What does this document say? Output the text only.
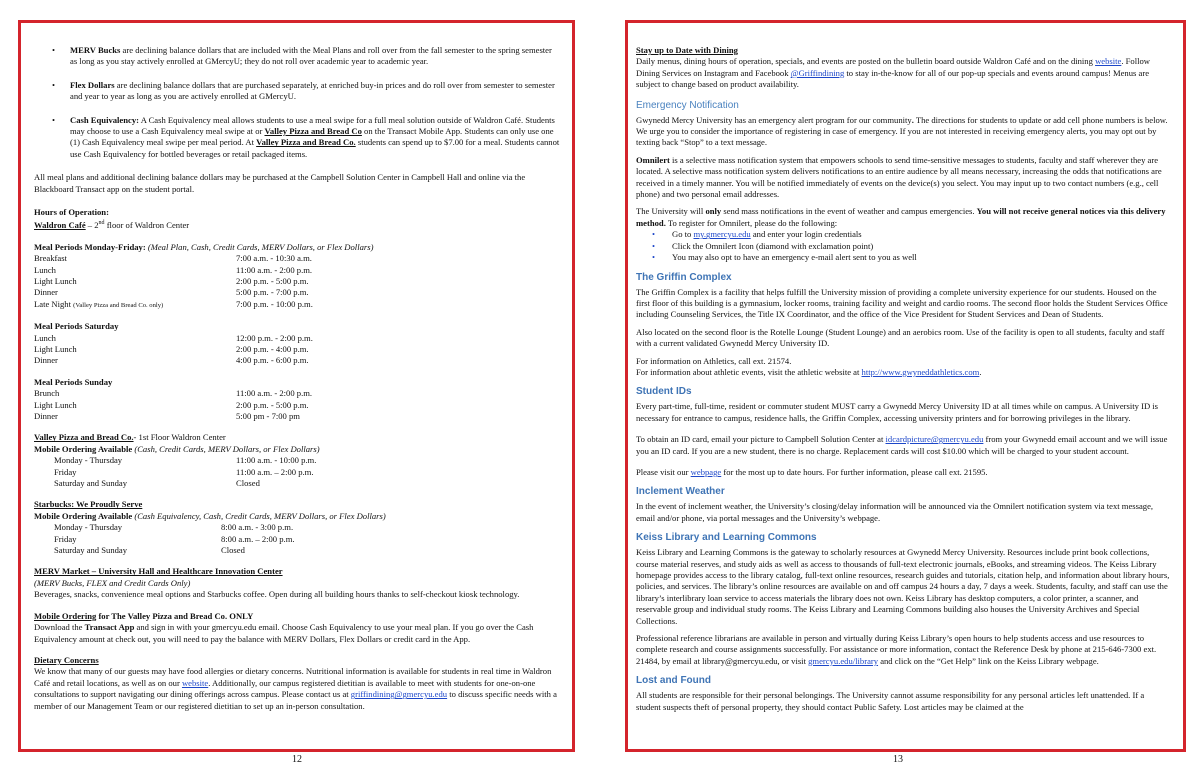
• MERV Bucks are declining balance dollars that are included with the Meal Plans and roll over from the fall semester to the spring semester as long as you stay actively enrolled at GMercyU; they do not roll over academic year to academic year.
• Flex Dollars are declining balance dollars that are purchased separately, at enriched buy-in prices and do roll over from semester to semester and year to year as long as you are actively enrolled at GMercyU.
• Cash Equivalency: A Cash Equivalency meal allows students to use a meal swipe for a full meal solution outside of Waldron Café. Students may choose to use a Cash Equivalency meal swipe at or Valley Pizza and Bread Co on the Transact Mobile App. Students can only use one (1) Cash Equivalency meal swipe per meal period. At Valley Pizza and Bread Co. students can spend up to $7.00 for a meal. Students cannot use Cash Equivalency for bottled beverages or retail packaged items.

All meal plans and additional declining balance dollars may be purchased at the Campbell Solution Center in Campbell Hall and online via the Blackboard Transact app on the student portal.

Hours of Operation:

Waldron Café – 2nd floor of Waldron Center

Meal Periods Monday-Friday: (Meal Plan, Cash, Credit Cards, MERV Dollars, or Flex Dollars)

Breakfast	7:00 a.m. - 10:30 a.m.
Lunch	11:00 a.m. - 2:00 p.m.
Light Lunch	2:00 p.m. - 5:00 p.m.
Dinner	5:00 p.m. - 7:00 p.m.
Late Night (Valley Pizza and Bread Co. only)	7:00 p.m. - 10:00 p.m.

Meal Periods Saturday

Lunch	12:00 p.m. - 2:00 p.m.
Light Lunch	2:00 p.m. - 4:00 p.m.
Dinner	4:00 p.m. - 6:00 p.m.

Meal Periods Sunday

Brunch	11:00 a.m. - 2:00 p.m.
Light Lunch	2:00 p.m. - 5:00 p.m.
Dinner	5:00 pm - 7:00 pm

Valley Pizza and Bread Co.- 1st Floor Waldron Center

Mobile Ordering Available (Cash, Credit Cards, MERV Dollars, or Flex Dollars)

Monday - Thursday	11:00 a.m. - 10:00 p.m.
Friday	11:00 a.m. – 2:00 p.m.
Saturday and Sunday	Closed

Starbucks: We Proudly Serve

Mobile Ordering Available (Cash Equivalency, Cash, Credit Cards, MERV Dollars, or Flex Dollars)

Monday - Thursday	8:00 a.m. - 3:00 p.m.
Friday	8:00 a.m. – 2:00 p.m.
Saturday and Sunday	Closed

MERV Market – University Hall and Healthcare Innovation Center

(MERV Bucks, FLEX and Credit Cards Only)

Beverages, snacks, convenience meal options and Starbucks coffee. Open during all building hours thanks to self-checkout kiosk technology.

Mobile Ordering for The Valley Pizza and Bread Co. ONLY

Download the Transact App and sign in with your gmercyu.edu email. Choose Cash Equivalency to use your meal plan. If you go over the Cash Equivalency amount at check out, you will need to pay the balance with MERV Dollars, Flex Dollars or credit card in the App.

Dietary Concerns

We know that many of our guests may have food allergies or dietary concerns. Nutritional information is available for students in real time in Waldron Café and retail locations, as well as on our website. Additionally, our campus registered dietitian is available to meet with students for one-on-one consultations to support navigating our dining offerings across campus. Please contact us at griffindining@gmercyu.edu to discuss specific needs with a member of our Management Team or our registered dietitian to set up an in-person consultation.

Stay up to Date with Dining

Daily menus, dining hours of operation, specials, and events are posted on the bulletin board outside Waldron Café and on the dining website. Follow Dining Services on Instagram and Facebook @Griffindining to stay in-the-know for all of our pop-up specials and events around campus! Menus are subject to change based on product availability.

Emergency Notification

Gwynedd Mercy University has an emergency alert program for our community. The directions for students to update or add cell phone numbers is below. We urge you to consider the importance of registering in case of emergency. If you are not interested in receiving emergency alerts, you may opt out by texting back “Stop” to a text message.

Omnilert is a selective mass notification system that empowers schools to send time-sensitive messages to students, faculty and staff wherever they are located. A selective mass notification system delivers notifications to an entire audience by all means necessary, increasing the odds that notifications are received in a timely manner. You will be notified immediately of events on the device(s) you select. You may input up to two contact numbers (e.g., cell phone) and two personal email addresses.

The University will only send mass notifications in the event of weather and campus emergencies. You will not receive general notices via this delivery method. To register for Omnilert, please do the following:

• Go to my.gmercyu.edu and enter your login credentials
• Click the Omnilert Icon (diamond with exclamation point)
• You may also opt to have an emergency e-mail alert sent to you as well
The Griffin Complex

The Griffin Complex is a facility that helps fulfill the University mission of providing a complete university experience for our students. Housed on the first floor of this building is a gymnasium, locker rooms, training facility and weight and cardio rooms. The second floor holds the Student Services Office including Counseling Services, the Title IX Coordinator, and the office of the Vice President for Student Services and Dean of Students.

Also located on the second floor is the Rotelle Lounge (Student Lounge) and an aerobics room. Use of the facility is open to all students, faculty and staff with a current validated Gwynedd Mercy University ID.

For information on Athletics, call ext. 21574.

For information about athletic events, visit the athletic website at http://www.gwyneddathletics.com.

Student IDs

Every part-time, full-time, resident or commuter student MUST carry a Gwynedd Mercy University ID at all times while on campus. A University ID is necessary for entrance to campus, residence halls, the Griffin Complex, accessing university printers and for borrowing privileges in the library.

To obtain an ID card, email your picture to Campbell Solution Center at idcardpicture@gmercyu.edu from your Gwynedd email account and we will issue you an ID card. If you are a new student, there is no charge. Replacement cards will cost $10.00 which will be charged to your student account.

Please visit our webpage for the most up to date hours. For further information, please call ext. 21595.

Inclement Weather

In the event of inclement weather, the University’s closing/delay information will be announced via the Omnilert notification system via text message, email and/or phone, via portal messages and the University’s webpage.

Keiss Library and Learning Commons

Keiss Library and Learning Commons is the gateway to scholarly resources at Gwynedd Mercy University. Resources include print book collections, course material reserves, and study aids as well as access to thousands of full-text electronic journals, eBooks, and streaming videos. The Keiss Library homepage provides access to the library catalog, full-text online resources, research guides and tutorials, citation help, and information about library hours, policies, and services. The library’s online resources are available on and off campus 24 hours a day, 7 days a week. Students, faculty, and staff can use the library’s interlibrary loan service to access materials the library does not own. Keiss Library has desktop computers, a color printer, a scanner, and reservable group and individual study rooms. The Keiss Library and Learning Commons building also houses the University Archives and Special Collections.

Professional reference librarians are available in person and virtually during Keiss Library’s open hours to help students access and use resources to complete research and course assignments successfully. For assistance or more information, contact the Reference Desk by phone at 215-646-7300 ext. 21484, by email at library@gmercyu.edu, or visit gmercyu.edu/library and click on the “Get Help” link on the Keiss Library webpage.

Lost and Found

All students are responsible for their personal belongings. The University cannot assume responsibility for any personal articles left unattended. If a student suspects theft of personal property, they should contact Public Safety. Lost articles may be claimed at the

12	13
